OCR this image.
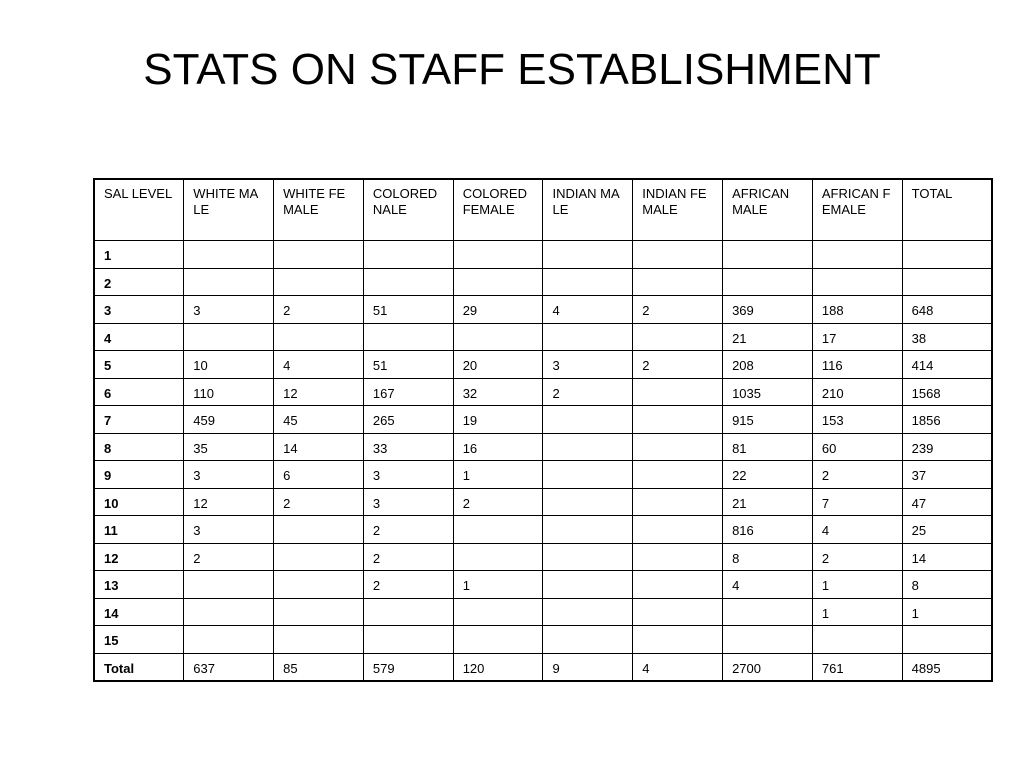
STATS ON STAFF ESTABLISHMENT
SAL LEVEL	WHITE MALE	WHITE FEMALE	COLORED NALE	COLORED FEMALE	INDIAN MALE	INDIAN FEMALE	AFRICAN MALE	AFRICAN FEMALE	TOTAL
1									
2									
3	3	2	51	29	4	2	369	188	648
4							21	17	38
5	10	4	51	20	3	2	208	116	414
6	110	12	167	32	2		1035	210	1568
7	459	45	265	19			915	153	1856
8	35	14	33	16			81	60	239
9	3	6	3	1			22	2	37
10	12	2	3	2			21	7	47
11	3		2				816	4	25
12	2		2				8	2	14
13			2	1			4	1	8
14								1	1
15									
Total	637	85	579	120	9	4	2700	761	4895
